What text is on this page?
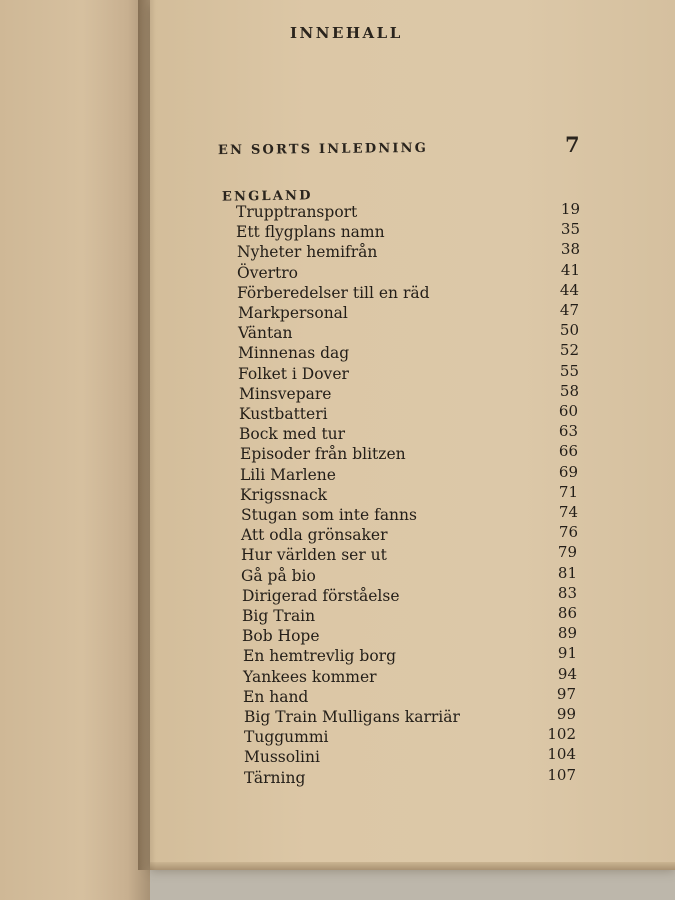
INNEHALL
EN SORTS INLEDNING	7
ENGLAND
Trupptransport	19
Ett flygplans namn	35
Nyheter hemifrån	38
Övertro	41
Förberedelser till en räd	44
Markpersonal	47
Väntan	50
Minnenas dag	52
Folket i Dover	55
Minsvepare	58
Kustbatteri	60
Bock med tur	63
Episoder från blitzen	66
Lili Marlene	69
Krigssnack	71
Stugan som inte fanns	74
Att odla grönsaker	76
Hur världen ser ut	79
Gå på bio	81
Dirigerad förståelse	83
Big Train	86
Bob Hope	89
En hemtrevlig borg	91
Yankees kommer	94
En hand	97
Big Train Mulligans karriär	99
Tuggummi	102
Mussolini	104
Tärning	107
